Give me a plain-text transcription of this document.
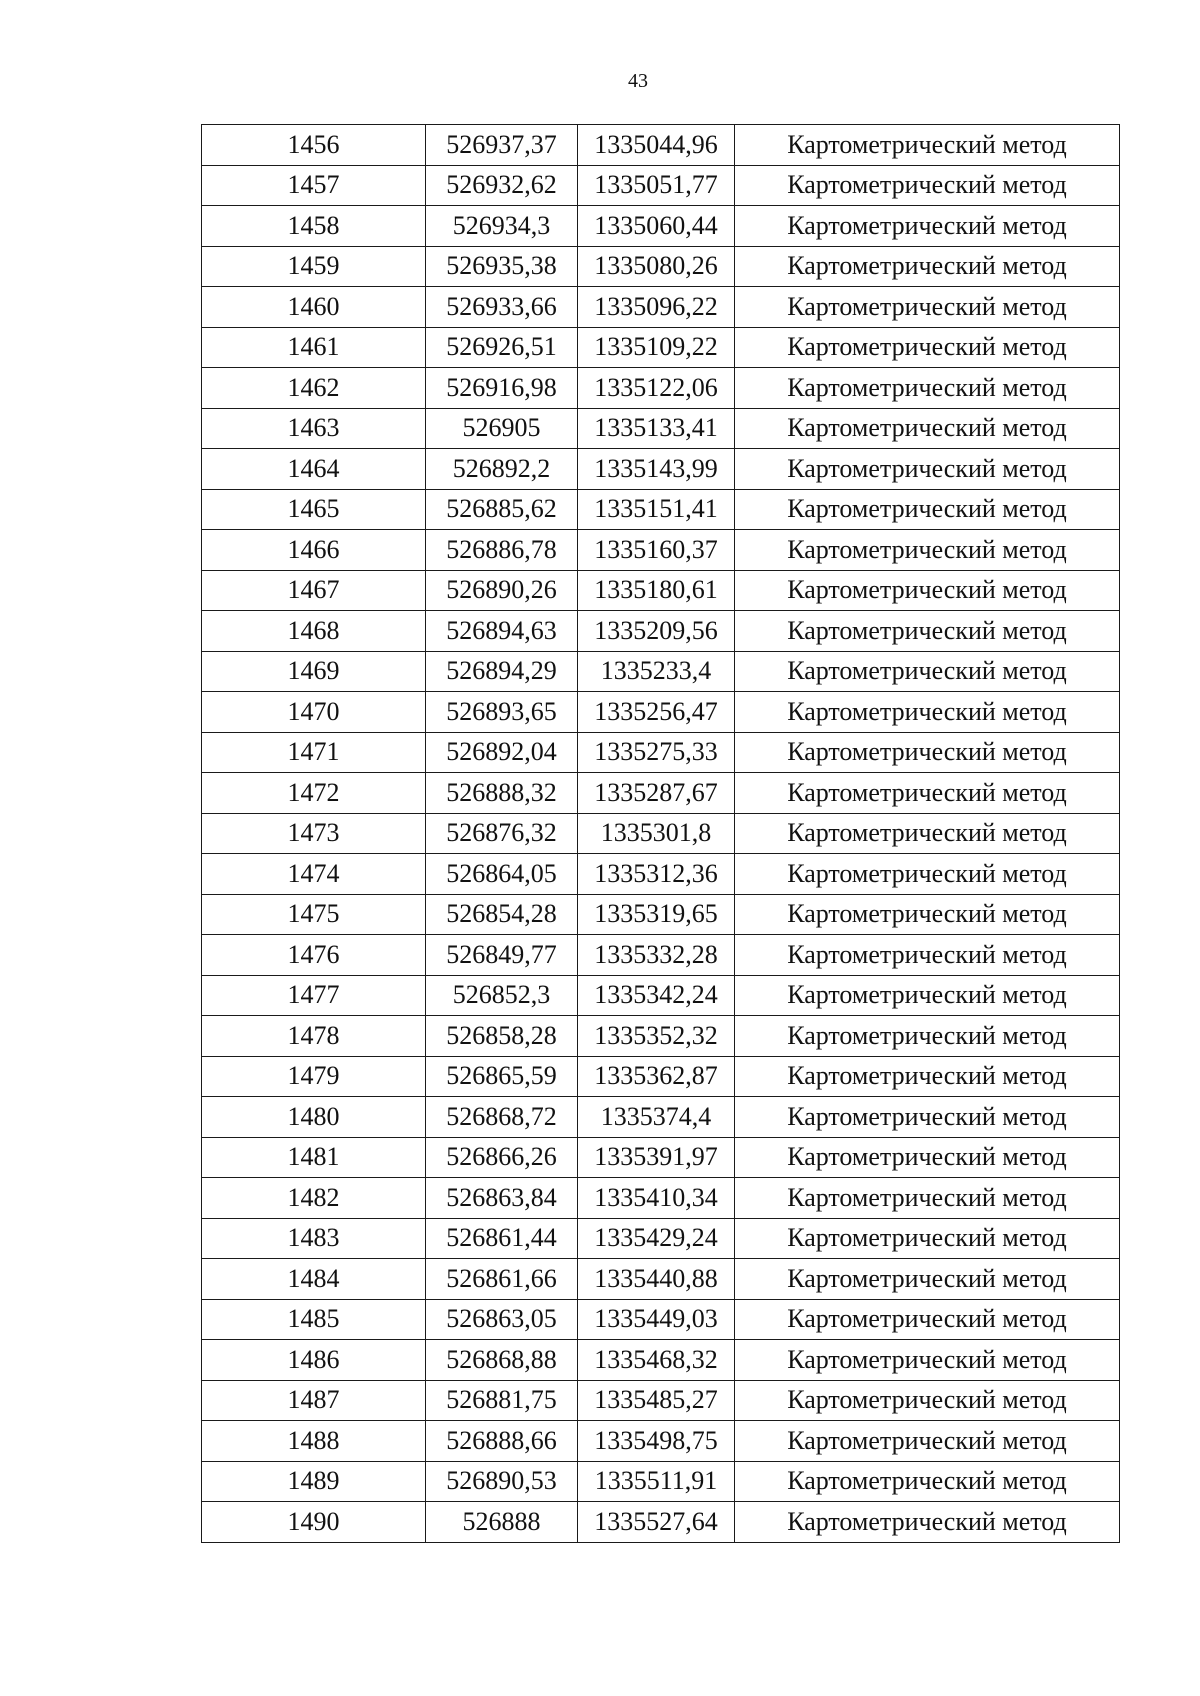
43
1456	526937,37	1335044,96	Картометрический метод
1457	526932,62	1335051,77	Картометрический метод
1458	526934,3	1335060,44	Картометрический метод
1459	526935,38	1335080,26	Картометрический метод
1460	526933,66	1335096,22	Картометрический метод
1461	526926,51	1335109,22	Картометрический метод
1462	526916,98	1335122,06	Картометрический метод
1463	526905	1335133,41	Картометрический метод
1464	526892,2	1335143,99	Картометрический метод
1465	526885,62	1335151,41	Картометрический метод
1466	526886,78	1335160,37	Картометрический метод
1467	526890,26	1335180,61	Картометрический метод
1468	526894,63	1335209,56	Картометрический метод
1469	526894,29	1335233,4	Картометрический метод
1470	526893,65	1335256,47	Картометрический метод
1471	526892,04	1335275,33	Картометрический метод
1472	526888,32	1335287,67	Картометрический метод
1473	526876,32	1335301,8	Картометрический метод
1474	526864,05	1335312,36	Картометрический метод
1475	526854,28	1335319,65	Картометрический метод
1476	526849,77	1335332,28	Картометрический метод
1477	526852,3	1335342,24	Картометрический метод
1478	526858,28	1335352,32	Картометрический метод
1479	526865,59	1335362,87	Картометрический метод
1480	526868,72	1335374,4	Картометрический метод
1481	526866,26	1335391,97	Картометрический метод
1482	526863,84	1335410,34	Картометрический метод
1483	526861,44	1335429,24	Картометрический метод
1484	526861,66	1335440,88	Картометрический метод
1485	526863,05	1335449,03	Картометрический метод
1486	526868,88	1335468,32	Картометрический метод
1487	526881,75	1335485,27	Картометрический метод
1488	526888,66	1335498,75	Картометрический метод
1489	526890,53	1335511,91	Картометрический метод
1490	526888	1335527,64	Картометрический метод
